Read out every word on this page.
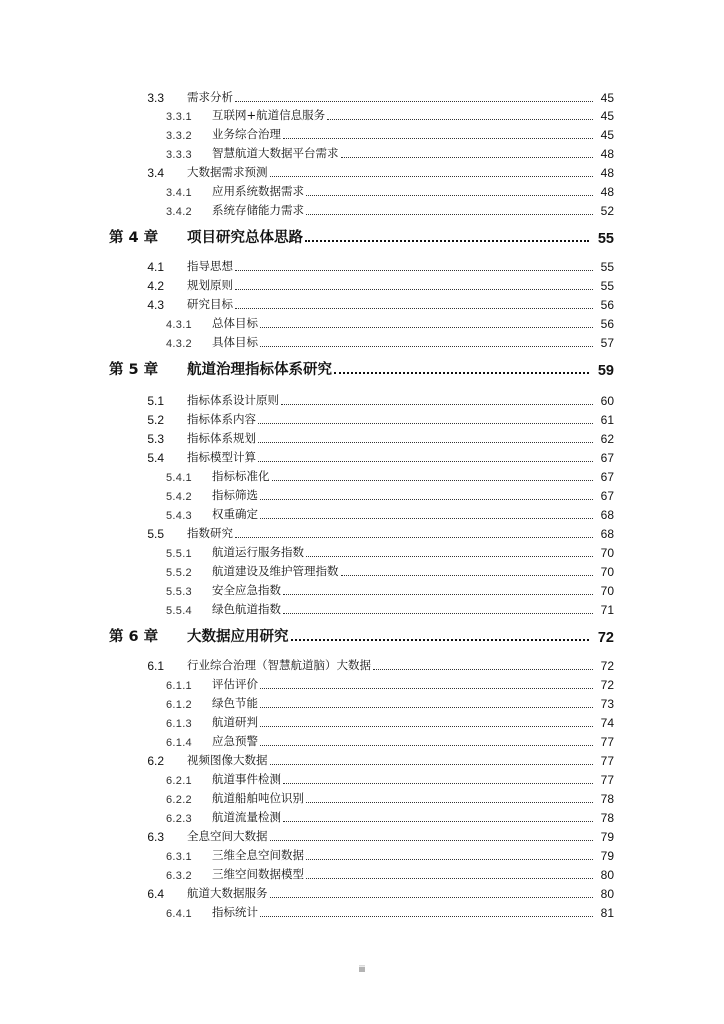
3.3 需求分析	45
3.3.1	互联网+航道信息服务	45
3.3.2	业务综合治理	45
3.3.3	智慧航道大数据平台需求	48
3.4 大数据需求预测	48
3.4.1	应用系统数据需求	48
3.4.2	系统存储能力需求	52
第 4 章 项目研究总体思路	55
4.1 指导思想	55
4.2 规划原则	55
4.3 研究目标	56
4.3.1	总体目标	56
4.3.2	具体目标	57
第 5 章 航道治理指标体系研究	59
5.1 指标体系设计原则	60
5.2 指标体系内容	61
5.3 指标体系规划	62
5.4 指标模型计算	67
5.4.1	指标标准化	67
5.4.2	指标筛选	67
5.4.3	权重确定	68
5.5 指数研究	68
5.5.1	航道运行服务指数	70
5.5.2	航道建设及维护管理指数	70
5.5.3	安全应急指数	70
5.5.4	绿色航道指数	71
第 6 章 大数据应用研究	72
6.1 行业综合治理（智慧航道脑）大数据	72
6.1.1	评估评价	72
6.1.2	绿色节能	73
6.1.3	航道研判	74
6.1.4	应急预警	77
6.2 视频图像大数据	77
6.2.1	航道事件检测	77
6.2.2	航道船舶吨位识别	78
6.2.3	航道流量检测	78
6.3 全息空间大数据	79
6.3.1	三维全息空间数据	79
6.3.2	三维空间数据模型	80
6.4 航道大数据服务	80
6.4.1	指标统计	81
iii
